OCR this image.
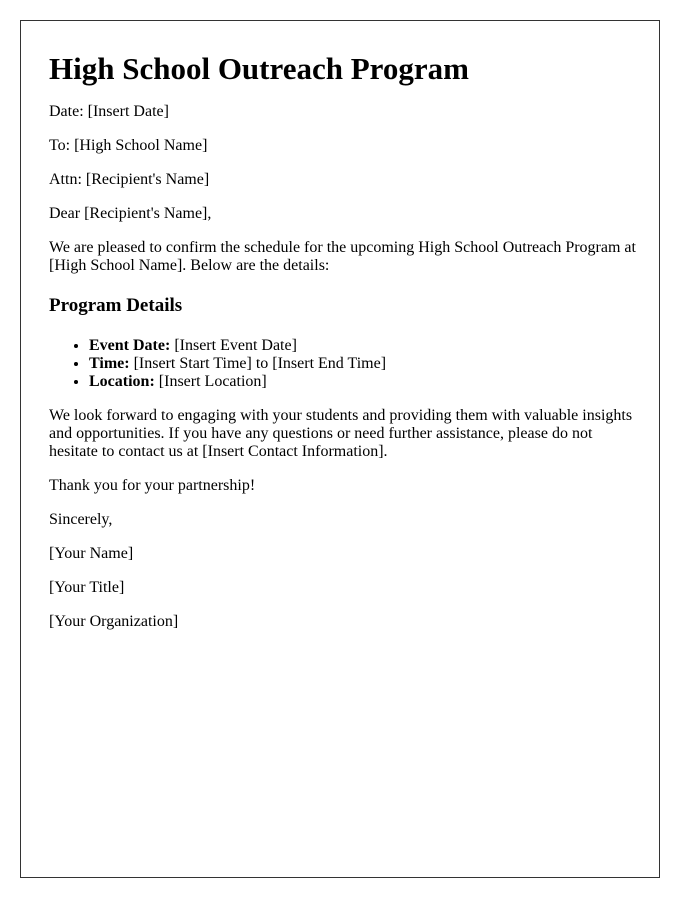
High School Outreach Program

Date: [Insert Date]

To: [High School Name]

Attn: [Recipient's Name]

Dear [Recipient's Name],

We are pleased to confirm the schedule for the upcoming High School Outreach Program at [High School Name]. Below are the details:

Program Details
• Event Date: [Insert Event Date]
• Time: [Insert Start Time] to [Insert End Time]
• Location: [Insert Location]

We look forward to engaging with your students and providing them with valuable insights and opportunities. If you have any questions or need further assistance, please do not hesitate to contact us at [Insert Contact Information].

Thank you for your partnership!

Sincerely,

[Your Name]

[Your Title]

[Your Organization]
